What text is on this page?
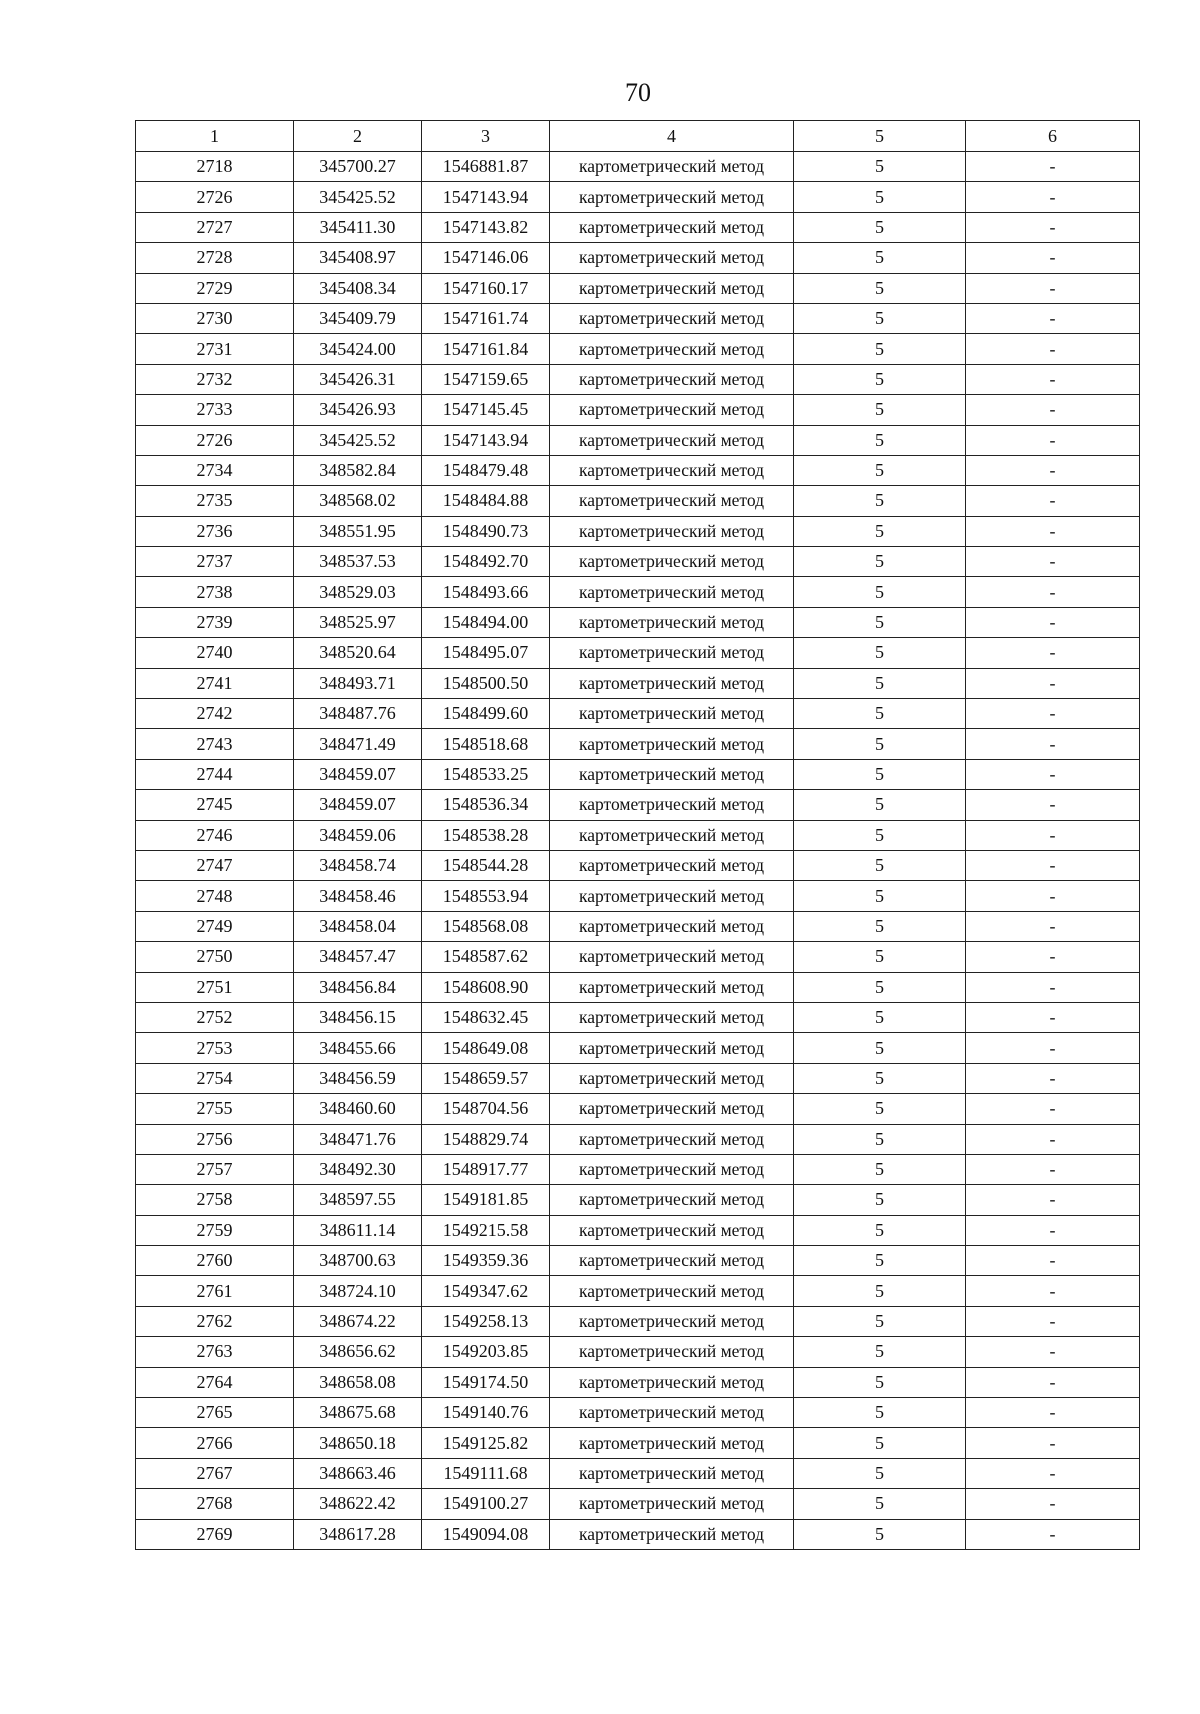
70
1	2	3	4	5	6
2718	345700.27	1546881.87	картометрический метод	5	-
2726	345425.52	1547143.94	картометрический метод	5	-
2727	345411.30	1547143.82	картометрический метод	5	-
2728	345408.97	1547146.06	картометрический метод	5	-
2729	345408.34	1547160.17	картометрический метод	5	-
2730	345409.79	1547161.74	картометрический метод	5	-
2731	345424.00	1547161.84	картометрический метод	5	-
2732	345426.31	1547159.65	картометрический метод	5	-
2733	345426.93	1547145.45	картометрический метод	5	-
2726	345425.52	1547143.94	картометрический метод	5	-
2734	348582.84	1548479.48	картометрический метод	5	-
2735	348568.02	1548484.88	картометрический метод	5	-
2736	348551.95	1548490.73	картометрический метод	5	-
2737	348537.53	1548492.70	картометрический метод	5	-
2738	348529.03	1548493.66	картометрический метод	5	-
2739	348525.97	1548494.00	картометрический метод	5	-
2740	348520.64	1548495.07	картометрический метод	5	-
2741	348493.71	1548500.50	картометрический метод	5	-
2742	348487.76	1548499.60	картометрический метод	5	-
2743	348471.49	1548518.68	картометрический метод	5	-
2744	348459.07	1548533.25	картометрический метод	5	-
2745	348459.07	1548536.34	картометрический метод	5	-
2746	348459.06	1548538.28	картометрический метод	5	-
2747	348458.74	1548544.28	картометрический метод	5	-
2748	348458.46	1548553.94	картометрический метод	5	-
2749	348458.04	1548568.08	картометрический метод	5	-
2750	348457.47	1548587.62	картометрический метод	5	-
2751	348456.84	1548608.90	картометрический метод	5	-
2752	348456.15	1548632.45	картометрический метод	5	-
2753	348455.66	1548649.08	картометрический метод	5	-
2754	348456.59	1548659.57	картометрический метод	5	-
2755	348460.60	1548704.56	картометрический метод	5	-
2756	348471.76	1548829.74	картометрический метод	5	-
2757	348492.30	1548917.77	картометрический метод	5	-
2758	348597.55	1549181.85	картометрический метод	5	-
2759	348611.14	1549215.58	картометрический метод	5	-
2760	348700.63	1549359.36	картометрический метод	5	-
2761	348724.10	1549347.62	картометрический метод	5	-
2762	348674.22	1549258.13	картометрический метод	5	-
2763	348656.62	1549203.85	картометрический метод	5	-
2764	348658.08	1549174.50	картометрический метод	5	-
2765	348675.68	1549140.76	картометрический метод	5	-
2766	348650.18	1549125.82	картометрический метод	5	-
2767	348663.46	1549111.68	картометрический метод	5	-
2768	348622.42	1549100.27	картометрический метод	5	-
2769	348617.28	1549094.08	картометрический метод	5	-
